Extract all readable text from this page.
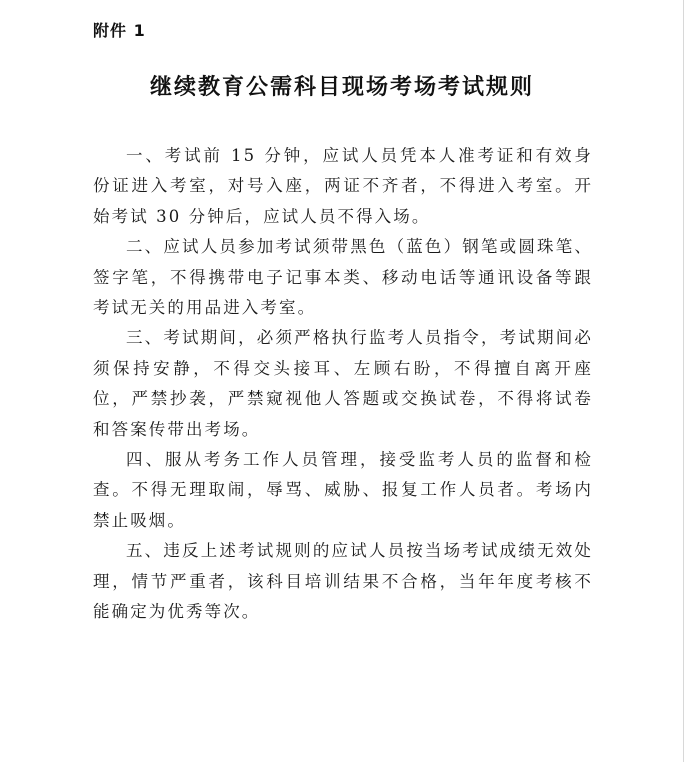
附件 1
继续教育公需科目现场考场考试规则

一、考试前 15 分钟，应试人员凭本人准考证和有效身份证进入考室，对号入座，两证不齐者，不得进入考室。开始考试 30 分钟后，应试人员不得入场。

二、应试人员参加考试须带黑色（蓝色）钢笔或圆珠笔、签字笔，不得携带电子记事本类、移动电话等通讯设备等跟考试无关的用品进入考室。

三、考试期间，必须严格执行监考人员指令，考试期间必须保持安静，不得交头接耳、左顾右盼，不得擅自离开座位，严禁抄袭，严禁窥视他人答题或交换试卷，不得将试卷和答案传带出考场。

四、服从考务工作人员管理，接受监考人员的监督和检查。不得无理取闹，辱骂、威胁、报复工作人员者。考场内禁止吸烟。

五、违反上述考试规则的应试人员按当场考试成绩无效处理，情节严重者，该科目培训结果不合格，当年年度考核不能确定为优秀等次。
